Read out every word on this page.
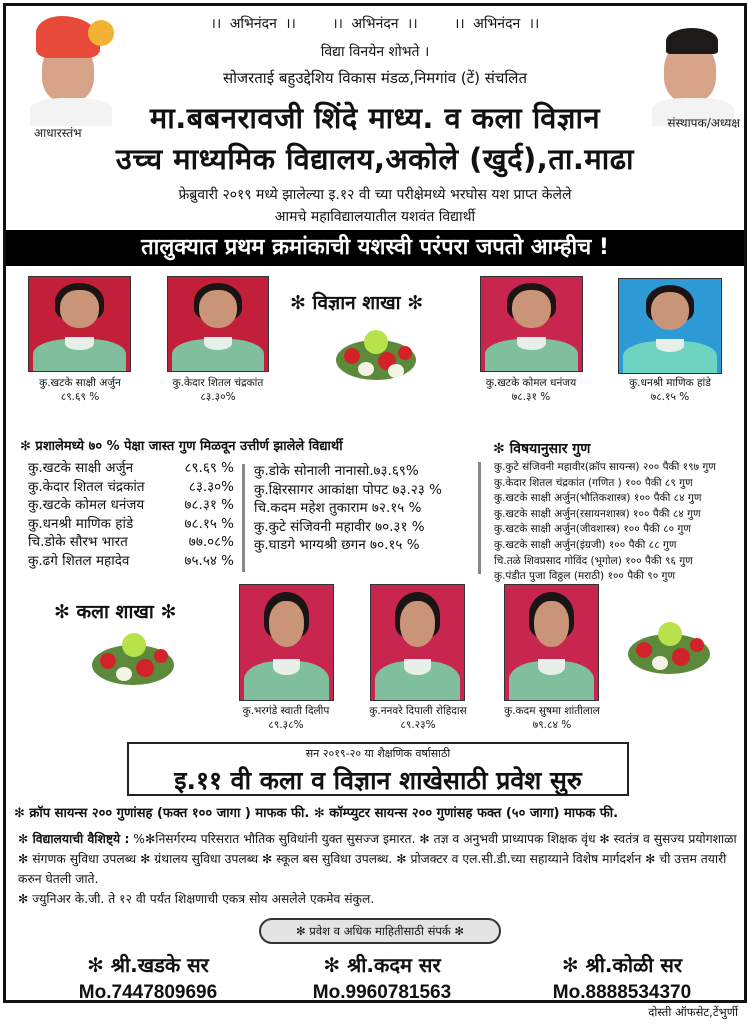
आधारस्तंभ
संस्थापक/अध्यक्ष
।। अभिनंदन ।।	।। अभिनंदन ।।	।। अभिनंदन ।।
विद्या विनयेन शोभते ।
सोजरताई बहुउद्देशिय विकास मंडळ,निमगांव (टें) संचलित
मा.बबनरावजी शिंदे माध्य. व कला विज्ञान
उच्च माध्यमिक विद्यालय,अकोले (खुर्द),ता.माढा
फ्रेब्रुवारी २०१९ मध्ये झालेल्या इ.१२ वी च्या परीक्षेमध्ये भरघोस यश प्राप्त केलेले
आमचे महाविद्यालयातील यशवंत विद्यार्थी
तालुक्यात प्रथम क्रमांकाची यशस्वी परंपरा जपतो आम्हीच !
कु.खटके साक्षी अर्जुन
८९.६९ %
कु.केदार शितल चंद्रकांत
८३.३०%
✻ विज्ञान शाखा ✻
कु.खटके कोमल धनंजय
७८.३१ %
कु.धनश्री माणिक हांडे
७८.१५ %
✻ प्रशालेमध्ये ७० % पेक्षा जास्त गुण मिळवून उत्तीर्ण झालेले विद्यार्थी
कु.खटके साक्षी अर्जुन	८९.६९ %
कु.केदार शितल चंद्रकांत	८३.३०%
कु.खटके कोमल धनंजय	७८.३१ %
कु.धनश्री माणिक हांडे	७८.१५ %
चि.डोके सौरभ भारत	७७.०८%
कु.ढगे शितल महादेव	७५.५४ %
कु.डोके सोनाली नानासो.७३.६९%
कु.क्षिरसागर आकांक्षा पोपट ७३.२३ %
चि.कदम महेश तुकाराम ७२.१५ %
कु.कुटे संजिवनी महावीर ७०.३१ %
कु.घाडगे भाग्यश्री छगन ७०.१५ %
✻ विषयानुसार गुण
कु.कुटे संजिवनी महावीर(क्रॉप सायन्स) २०० पैकी १९७ गुण
कु.केदार शितल चंद्रकांत (गणित ) १०० पैकी ८९ गुण
कु.खटके साक्षी अर्जुन(भौतिकशास्त्र) १०० पैकी ८४ गुण
कु.खटके साक्षी अर्जुन(रसायनशास्त्र) १०० पैकी ८४ गुण
कु.खटके साक्षी अर्जुन(जीवशास्त्र) १०० पैकी ८० गुण
कु.खटके साक्षी अर्जुन(इंग्रजी) १०० पैकी ८८ गुण
चि.तळे शिवप्रसाद गोविंद (भूगोल) १०० पैकी ९६ गुण
कु.पंडीत पुजा विठ्ठल (मराठी) १०० पैकी ९० गुण
✻ कला शाखा ✻
कु.भरगंडे स्वाती दिलीप
८९.३८%
कु.ननवरे दिपाली रोहिदास
८९.२३%
कु.कदम सुषमा शांतीलाल
७९.८४ %
सन २०१९-२० या शैक्षणिक वर्षासाठी
इ.११ वी कला व विज्ञान शाखेसाठी प्रवेश सुरु
✻ क्रॉप सायन्स २०० गुणांसह (फक्त १०० जागा ) माफक फी. ✻ कॉम्प्युटर सायन्स २०० गुणांसह फक्त (५० जागा) माफक फी.
✻ विद्यालयाची वैशिष्ट्ये : %✻निसर्गरम्य परिसरात भौतिक सुविधांनी युक्त सुसज्ज इमारत. ✻ तज्ञ व अनुभवी प्राध्यापक शिक्षक वृंध ✻ स्वतंत्र व सुसज्य प्रयोगशाळा ✻ संगणक सुविधा उपलब्ध ✻ ग्रंथालय सुविधा उपलब्ध ✻ स्कूल बस सुविधा उपलब्ध. ✻ प्रोजक्टर व एल.सी.डी.च्या सहाय्याने विशेष मार्गदर्शन ✻ ची उत्तम तयारी करुन घेतली जाते.
✻ ज्युनिअर के.जी. ते १२ वी पर्यंत शिक्षणाची एकत्र सोय असलेले एकमेव संकुल.
✻ प्रवेश व अधिक माहितीसाठी संपर्क ✻
✻ श्री.खडके सर
Mo.7447809696
✻ श्री.कदम सर
Mo.9960781563
✻ श्री.कोळी सर
Mo.8888534370
दोस्ती ऑफसेट,टेंभुर्णी
